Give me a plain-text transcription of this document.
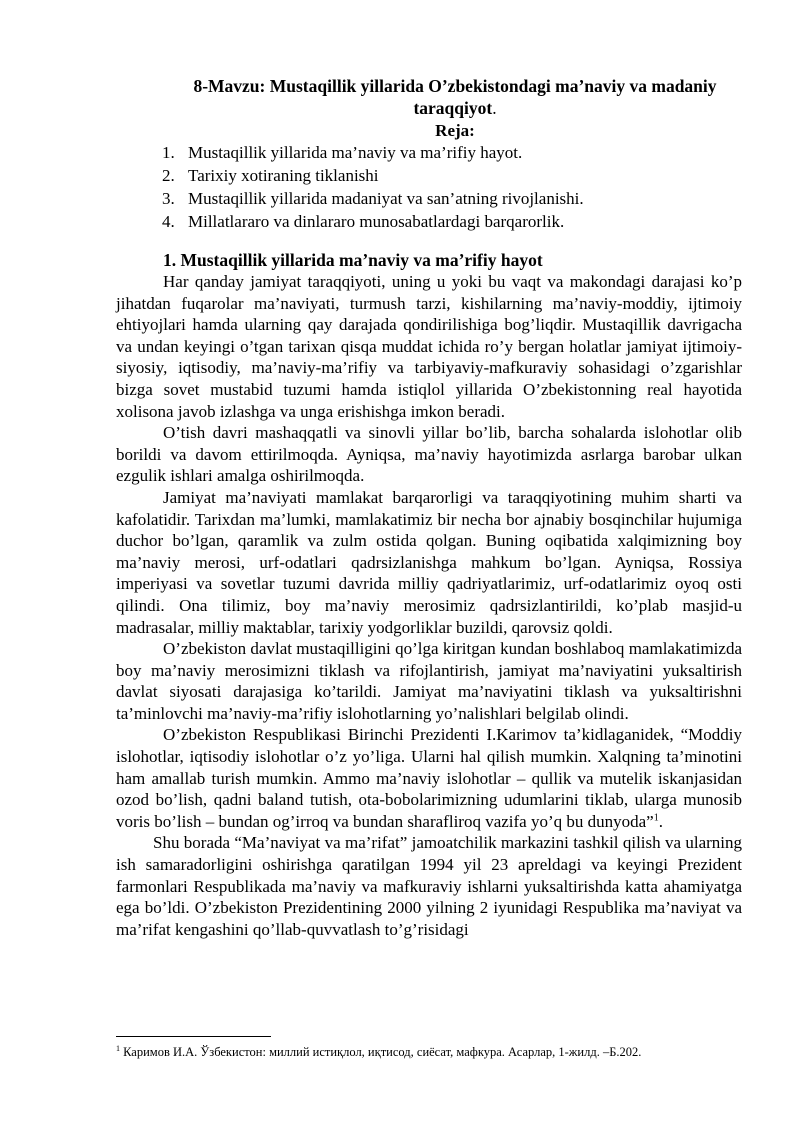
8-Mavzu: Mustaqillik yillarida O’zbekistondagi ma’naviy va madaniy taraqqiyot.
Reja:
1. Mustaqillik yillarida ma’naviy va ma’rifiy hayot.
2. Tarixiy xotiraning tiklanishi
3. Mustaqillik yillarida madaniyat va san’atning rivojlanishi.
4. Millatlararo va dinlararo munosabatlardagi barqarorlik.
1. Mustaqillik yillarida ma’naviy va ma’rifiy hayot

Har qanday jamiyat taraqqiyoti, uning u yoki bu vaqt va makondagi darajasi ko’p jihatdan fuqarolar ma’naviyati, turmush tarzi, kishilarning ma’naviy-moddiy, ijtimoiy ehtiyojlari hamda ularning qay darajada qondirilishiga bog’liqdir. Mustaqillik davrigacha va undan keyingi o’tgan tarixan qisqa muddat ichida ro’y bergan holatlar jamiyat ijtimoiy-siyosiy, iqtisodiy, ma’naviy-ma’rifiy va tarbiyaviy-mafkuraviy sohasidagi o’zgarishlar bizga sovet mustabid tuzumi hamda istiqlol yillarida O’zbekistonning real hayotida xolisona javob izlashga va unga erishishga imkon beradi.

O’tish davri mashaqqatli va sinovli yillar bo’lib, barcha sohalarda islohotlar olib borildi va davom ettirilmoqda. Ayniqsa, ma’naviy hayotimizda asrlarga barobar ulkan ezgulik ishlari amalga oshirilmoqda.

Jamiyat ma’naviyati mamlakat barqarorligi va taraqqiyotining muhim sharti va kafolatidir. Tarixdan ma’lumki, mamlakatimiz bir necha bor ajnabiy bosqinchilar hujumiga duchor bo’lgan, qaramlik va zulm ostida qolgan. Buning oqibatida xalqimizning boy ma’naviy merosi, urf-odatlari qadrsizlanishga mahkum bo’lgan. Ayniqsa, Rossiya imperiyasi va sovetlar tuzumi davrida milliy qadriyatlarimiz, urf-odatlarimiz oyoq osti qilindi. Ona tilimiz, boy ma’naviy merosimiz qadrsizlantirildi, ko’plab masjid-u madrasalar, milliy maktablar, tarixiy yodgorliklar buzildi, qarovsiz qoldi.

O’zbekiston davlat mustaqilligini qo’lga kiritgan kundan boshlaboq mamlakatimizda boy ma’naviy merosimizni tiklash va rifojlantirish, jamiyat ma’naviyatini yuksaltirish davlat siyosati darajasiga ko’tarildi. Jamiyat ma’naviyatini tiklash va yuksaltirishni ta’minlovchi ma’naviy-ma’rifiy islohotlarning yo’nalishlari belgilab olindi.

O’zbekiston Respublikasi Birinchi Prezidenti I.Karimov ta’kidlaganidek, “Moddiy islohotlar, iqtisodiy islohotlar o’z yo’liga. Ularni hal qilish mumkin. Xalqning ta’minotini ham amallab turish mumkin. Ammo ma’naviy islohotlar – qullik va mutelik iskanjasidan ozod bo’lish, qadni baland tutish, ota-bobolarimizning udumlarini tiklab, ularga munosib voris bo’lish – bundan og’irroq va bundan sharafliroq vazifa yo’q bu dunyoda”$^1$.

Shu borada “Ma’naviyat va ma’rifat” jamoatchilik markazini tashkil qilish va ularning ish samaradorligini oshirishga qaratilgan 1994 yil 23 apreldagi va keyingi Prezident farmonlari Respublikada ma’naviy va mafkuraviy ishlarni yuksaltirishda katta ahamiyatga ega bo’ldi. O’zbekiston Prezidentining 2000 yilning 2 iyunidagi Respublika ma’naviyat va ma’rifat kengashini qo’llab-quvvatlash to’g’risidagi

$^1$ Каримов И.А. Ўзбекистон: миллий истиқлол, иқтисод, сиёсат, мафкура. Асарлар, 1-жилд. –Б.202.
